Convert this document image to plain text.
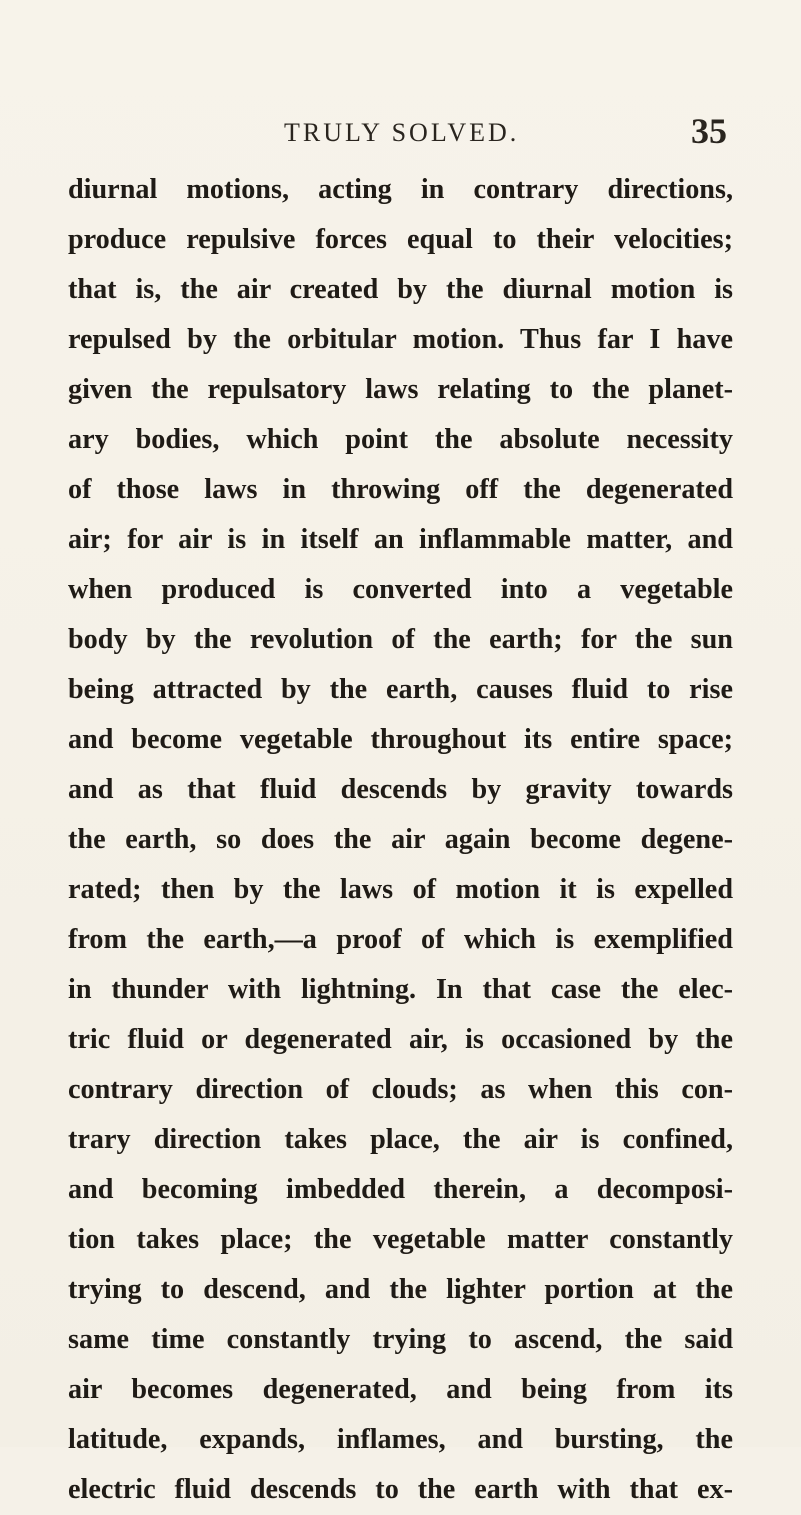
TRULY SOLVED.	35
diurnal motions, acting in contrary directions,
produce repulsive forces equal to their velocities;
that is, the air created by the diurnal motion is
repulsed by the orbitular motion. Thus far I have
given the repulsatory laws relating to the planet-
ary bodies, which point the absolute necessity
of those laws in throwing off the degenerated
air; for air is in itself an inflammable matter, and
when produced is converted into a vegetable
body by the revolution of the earth; for the sun
being attracted by the earth, causes fluid to rise
and become vegetable throughout its entire space;
and as that fluid descends by gravity towards
the earth, so does the air again become degene-
rated; then by the laws of motion it is expelled
from the earth,—a proof of which is exemplified
in thunder with lightning. In that case the elec-
tric fluid or degenerated air, is occasioned by the
contrary direction of clouds; as when this con-
trary direction takes place, the air is confined,
and becoming imbedded therein, a decomposi-
tion takes place; the vegetable matter constantly
trying to descend, and the lighter portion at the
same time constantly trying to ascend, the said
air becomes degenerated, and being from its
latitude, expands, inflames, and bursting, the
electric fluid descends to the earth with that ex-
